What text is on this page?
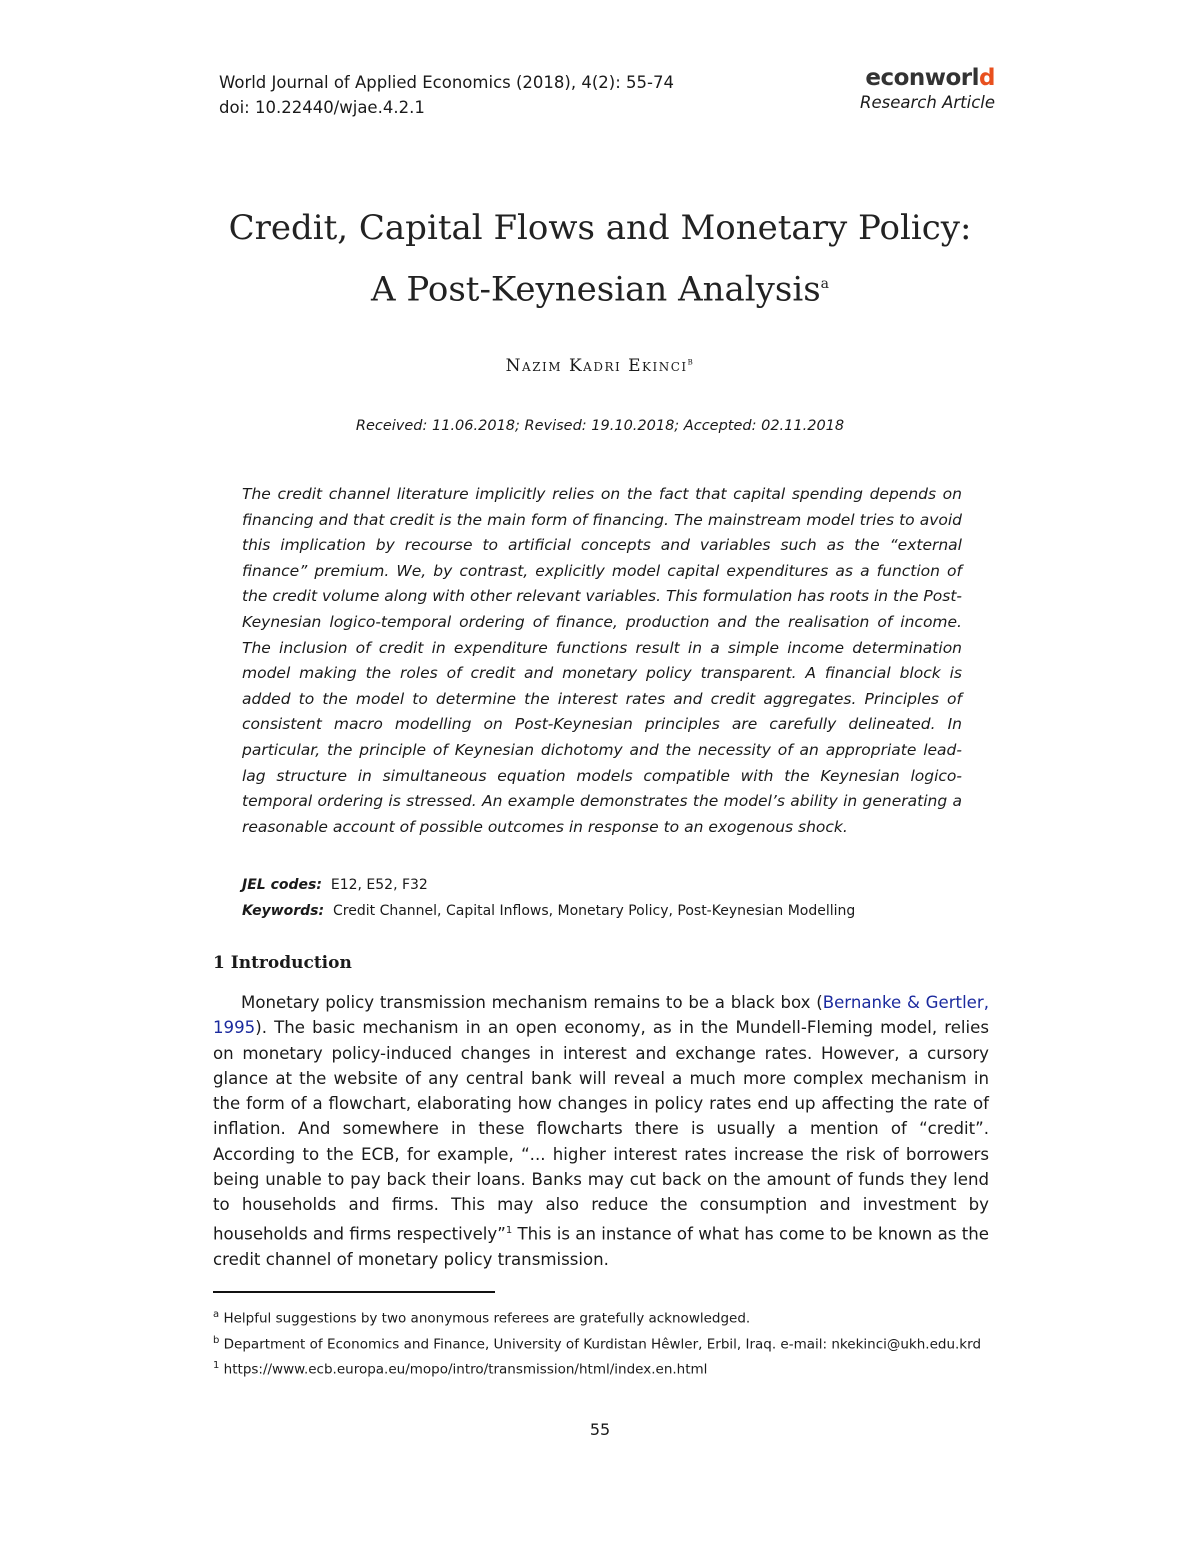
World Journal of Applied Economics (2018), 4(2): 55-74
doi: 10.22440/wjae.4.2.1
econworld
Research Article
Credit, Capital Flows and Monetary Policy:
A Post-Keynesian Analysis$^a$
Nazim Kadri Ekinci$^b$
Received: 11.06.2018; Revised: 19.10.2018; Accepted: 02.11.2018
The credit channel literature implicitly relies on the fact that capital spending depends on financing and that credit is the main form of financing. The mainstream model tries to avoid this implication by recourse to artificial concepts and variables such as the “external finance” premium. We, by contrast, explicitly model capital expenditures as a function of the credit volume along with other relevant variables. This formulation has roots in the Post-Keynesian logico-temporal ordering of finance, production and the realisation of income. The inclusion of credit in expenditure functions result in a simple income determination model making the roles of credit and monetary policy transparent. A financial block is added to the model to determine the interest rates and credit aggregates. Principles of consistent macro modelling on Post-Keynesian principles are carefully delineated. In particular, the principle of Keynesian dichotomy and the necessity of an appropriate lead-lag structure in simultaneous equation models compatible with the Keynesian logico-temporal ordering is stressed. An example demonstrates the model’s ability in generating a reasonable account of possible outcomes in response to an exogenous shock.
JEL codes: E12, E52, F32
Keywords: Credit Channel, Capital Inflows, Monetary Policy, Post-Keynesian Modelling
1 Introduction
Monetary policy transmission mechanism remains to be a black box (Bernanke & Gertler, 1995). The basic mechanism in an open economy, as in the Mundell-Fleming model, relies on monetary policy-induced changes in interest and exchange rates. However, a cursory glance at the website of any central bank will reveal a much more complex mechanism in the form of a flowchart, elaborating how changes in policy rates end up affecting the rate of inflation. And somewhere in these flowcharts there is usually a mention of “credit”. According to the ECB, for example, “... higher interest rates increase the risk of borrowers being unable to pay back their loans. Banks may cut back on the amount of funds they lend to households and firms. This may also reduce the consumption and investment by households and firms respectively”$^1$ This is an instance of what has come to be known as the credit channel of monetary policy transmission.
$^a$ Helpful suggestions by two anonymous referees are gratefully acknowledged.
$^b$ Department of Economics and Finance, University of Kurdistan Hêwler, Erbil, Iraq. e-mail: nkekinci@ukh.edu.krd
$^1$ https://www.ecb.europa.eu/mopo/intro/transmission/html/index.en.html
55
